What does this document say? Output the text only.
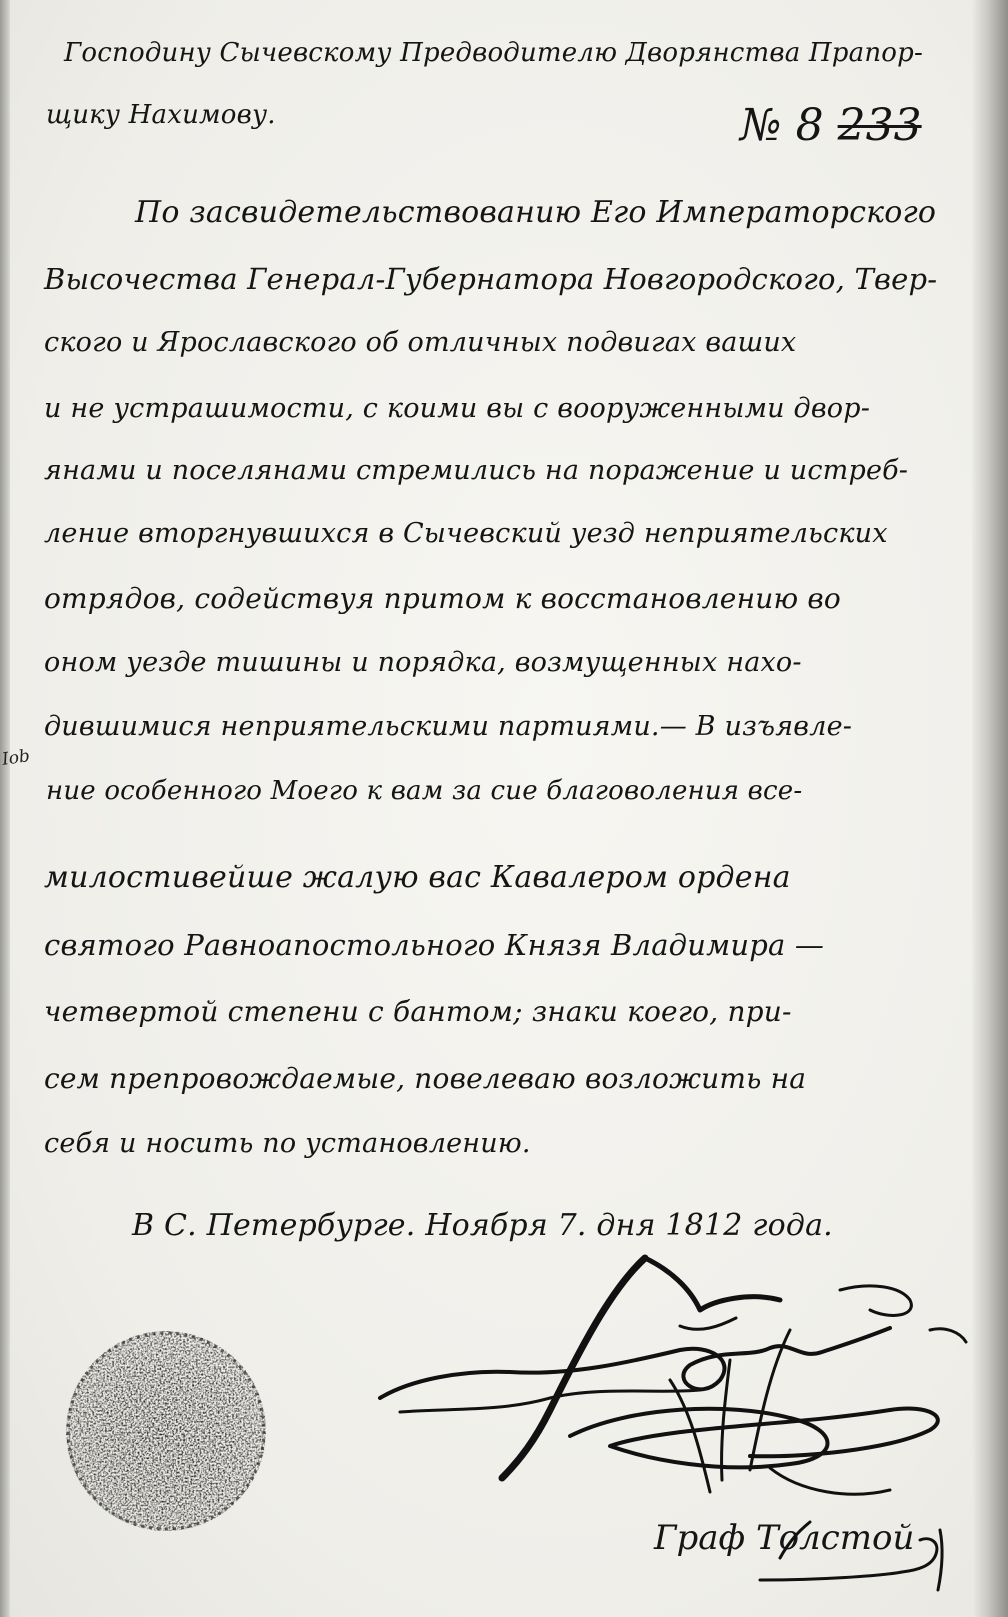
Господину Сычевскому Предводителю Дворянства Прапор-
щику Нахимову.	№ 8 233
По засвидетельствованию Его Императорского
Высочества Генерал-Губернатора Новгородского, Твер-
ского и Ярославского об отличных подвигах ваших
и не устрашимости, с коими вы с вооруженными двор-
янами и поселянами стремились на поражение и истреб-
ление вторгнувшихся в Сычевский уезд неприятельских
отрядов, содействуя притом к восстановлению во
оном уезде тишины и порядка, возмущенных нахо-
дившимися неприятельскими партиями.— В изъявле-
ние особенного Моего к вам за сие благоволения все-
милостивейше жалую вас Кавалером ордена
святого Равноапостольного Князя Владимира —
четвертой степени с бантом; знаки коего, при-
сем препровождаемые, повелеваю возложить на
себя и носить по установлению.
В С. Петербурге. Ноября 7. дня 1812 года.
Iob
Граф Толстой
